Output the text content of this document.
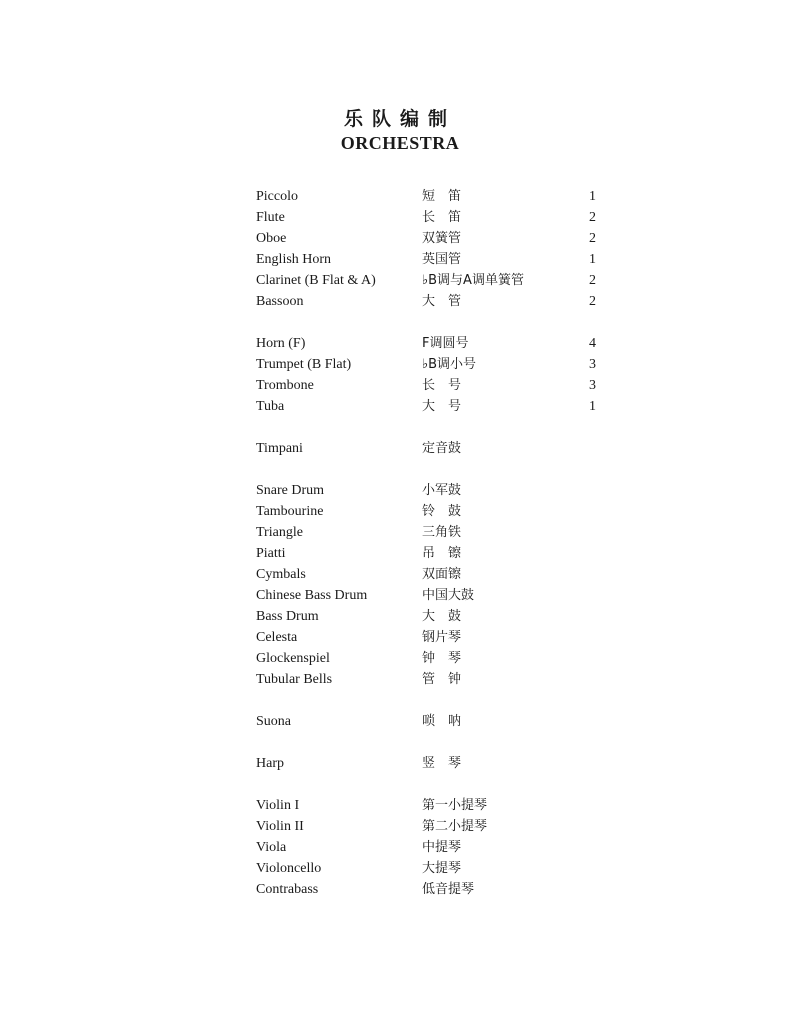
乐队编制
ORCHESTRA
Piccolo	短　笛	1
Flute	长　笛	2
Oboe	双簧管	2
English Horn	英国管	1
Clarinet (B Flat & A)	♭B调与A调单簧管	2
Bassoon	大　管	2
Horn (F)	F调圆号	4
Trumpet (B Flat)	♭B调小号	3
Trombone	长　号	3
Tuba	大　号	1
Timpani	定音鼓
Snare Drum	小军鼓
Tambourine	铃　鼓
Triangle	三角铁
Piatti	吊　镲
Cymbals	双面镲
Chinese Bass Drum	中国大鼓
Bass Drum	大　鼓
Celesta	钢片琴
Glockenspiel	钟　琴
Tubular Bells	管　钟
Suona	唢　呐
Harp	竖　琴
Violin I	第一小提琴
Violin II	第二小提琴
Viola	中提琴
Violoncello	大提琴
Contrabass	低音提琴
